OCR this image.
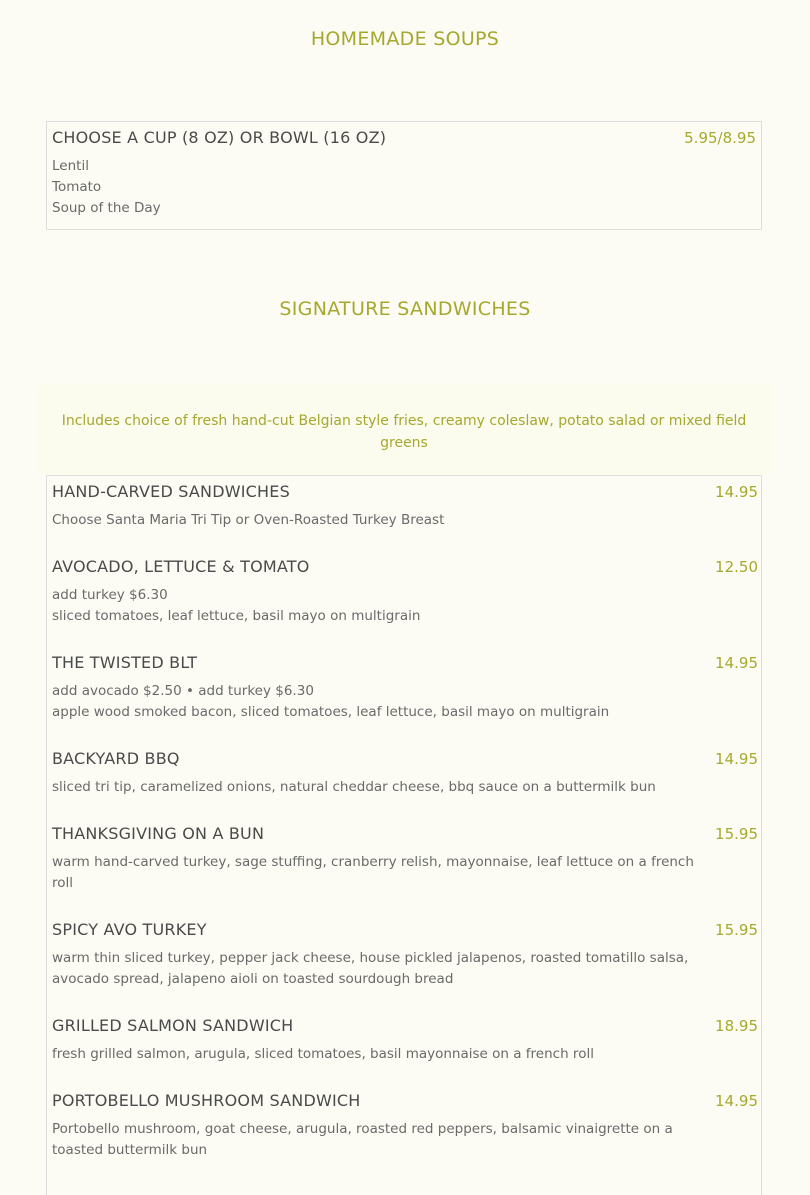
HOMEMADE SOUPS
CHOOSE A CUP (8 OZ) OR BOWL (16 OZ)	5.95/8.95
Lentil
Tomato
Soup of the Day
SIGNATURE SANDWICHES
Includes choice of fresh hand-cut Belgian style fries, creamy coleslaw, potato salad or mixed field greens
HAND-CARVED SANDWICHES	14.95
Choose Santa Maria Tri Tip or Oven-Roasted Turkey Breast
AVOCADO, LETTUCE & TOMATO	12.50
add turkey $6.30
sliced tomatoes, leaf lettuce, basil mayo on multigrain
THE TWISTED BLT	14.95
add avocado $2.50 • add turkey $6.30
apple wood smoked bacon, sliced tomatoes, leaf lettuce, basil mayo on multigrain
BACKYARD BBQ	14.95
sliced tri tip, caramelized onions, natural cheddar cheese, bbq sauce on a buttermilk bun
THANKSGIVING ON A BUN	15.95
warm hand-carved turkey, sage stuffing, cranberry relish, mayonnaise, leaf lettuce on a french
roll
SPICY AVO TURKEY	15.95
warm thin sliced turkey, pepper jack cheese, house pickled jalapenos, roasted tomatillo salsa,
avocado spread, jalapeno aioli on toasted sourdough bread
GRILLED SALMON SANDWICH	18.95
fresh grilled salmon, arugula, sliced tomatoes, basil mayonnaise on a french roll
PORTOBELLO MUSHROOM SANDWICH	14.95
Portobello mushroom, goat cheese, arugula, roasted red peppers, balsamic vinaigrette on a
toasted buttermilk bun
